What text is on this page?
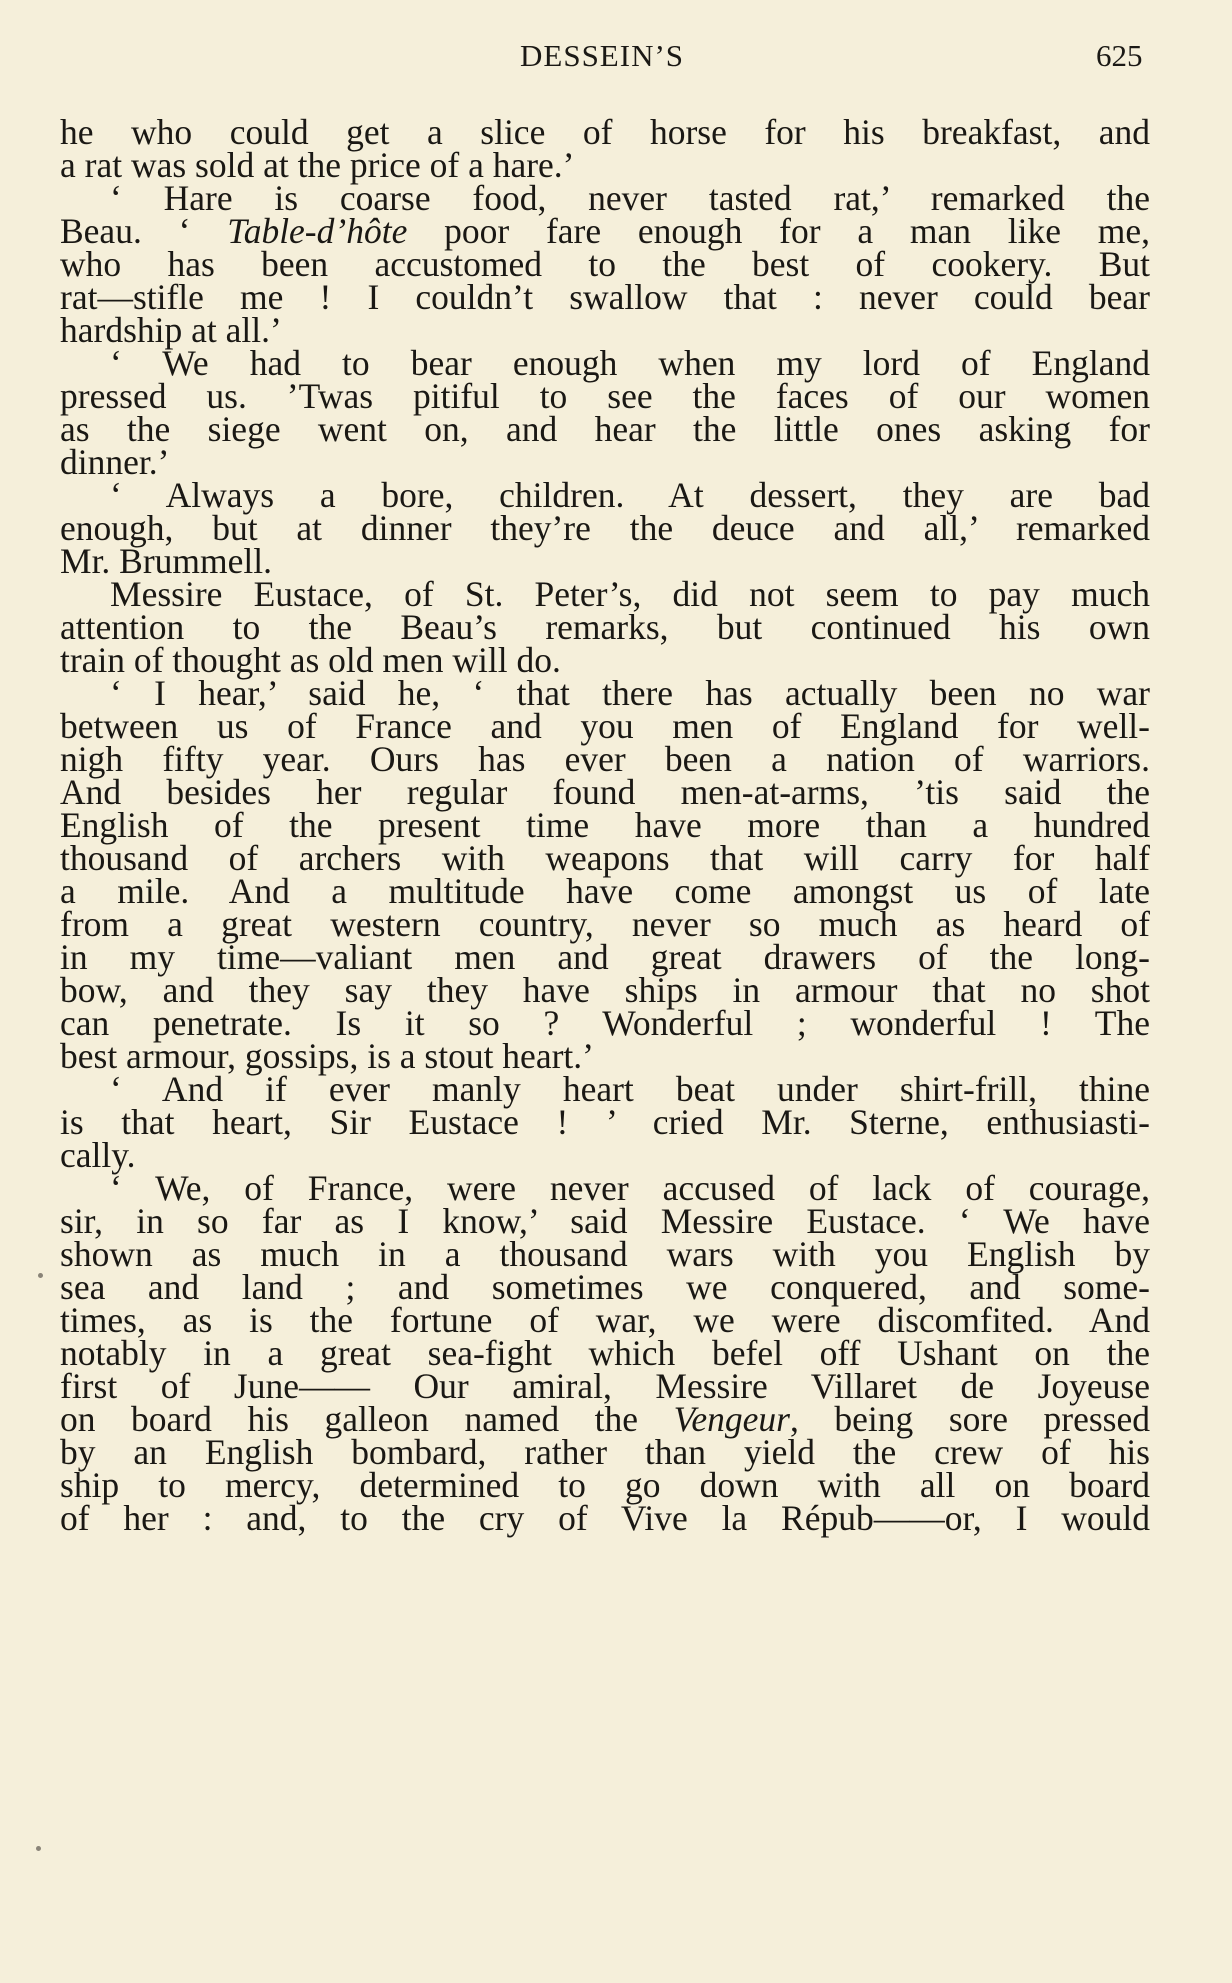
DESSEIN’S	625
he who could get a slice of horse for his breakfast, and
a rat was sold at the price of a hare.’
‘ Hare is coarse food, never tasted rat,’ remarked the
Beau. ‘ Table-d’hôte poor fare enough for a man like me,
who has been accustomed to the best of cookery. But
rat—stifle me ! I couldn’t swallow that : never could bear
hardship at all.’
‘ We had to bear enough when my lord of England
pressed us. ’Twas pitiful to see the faces of our women
as the siege went on, and hear the little ones asking for
dinner.’
‘ Always a bore, children. At dessert, they are bad
enough, but at dinner they’re the deuce and all,’ remarked
Mr. Brummell.
Messire Eustace, of St. Peter’s, did not seem to pay much
attention to the Beau’s remarks, but continued his own
train of thought as old men will do.
‘ I hear,’ said he, ‘ that there has actually been no war
between us of France and you men of England for well-
nigh fifty year. Ours has ever been a nation of warriors.
And besides her regular found men-at-arms, ’tis said the
English of the present time have more than a hundred
thousand of archers with weapons that will carry for half
a mile. And a multitude have come amongst us of late
from a great western country, never so much as heard of
in my time—valiant men and great drawers of the long-
bow, and they say they have ships in armour that no shot
can penetrate. Is it so ? Wonderful ; wonderful ! The
best armour, gossips, is a stout heart.’
‘ And if ever manly heart beat under shirt-frill, thine
is that heart, Sir Eustace ! ’ cried Mr. Sterne, enthusiasti-
cally.
‘ We, of France, were never accused of lack of courage,
sir, in so far as I know,’ said Messire Eustace. ‘ We have
shown as much in a thousand wars with you English by
sea and land ; and sometimes we conquered, and some-
times, as is the fortune of war, we were discomfited. And
notably in a great sea-fight which befel off Ushant on the
first of June—— Our amiral, Messire Villaret de Joyeuse
on board his galleon named the Vengeur, being sore pressed
by an English bombard, rather than yield the crew of his
ship to mercy, determined to go down with all on board
of her : and, to the cry of Vive la Répub——or, I would
